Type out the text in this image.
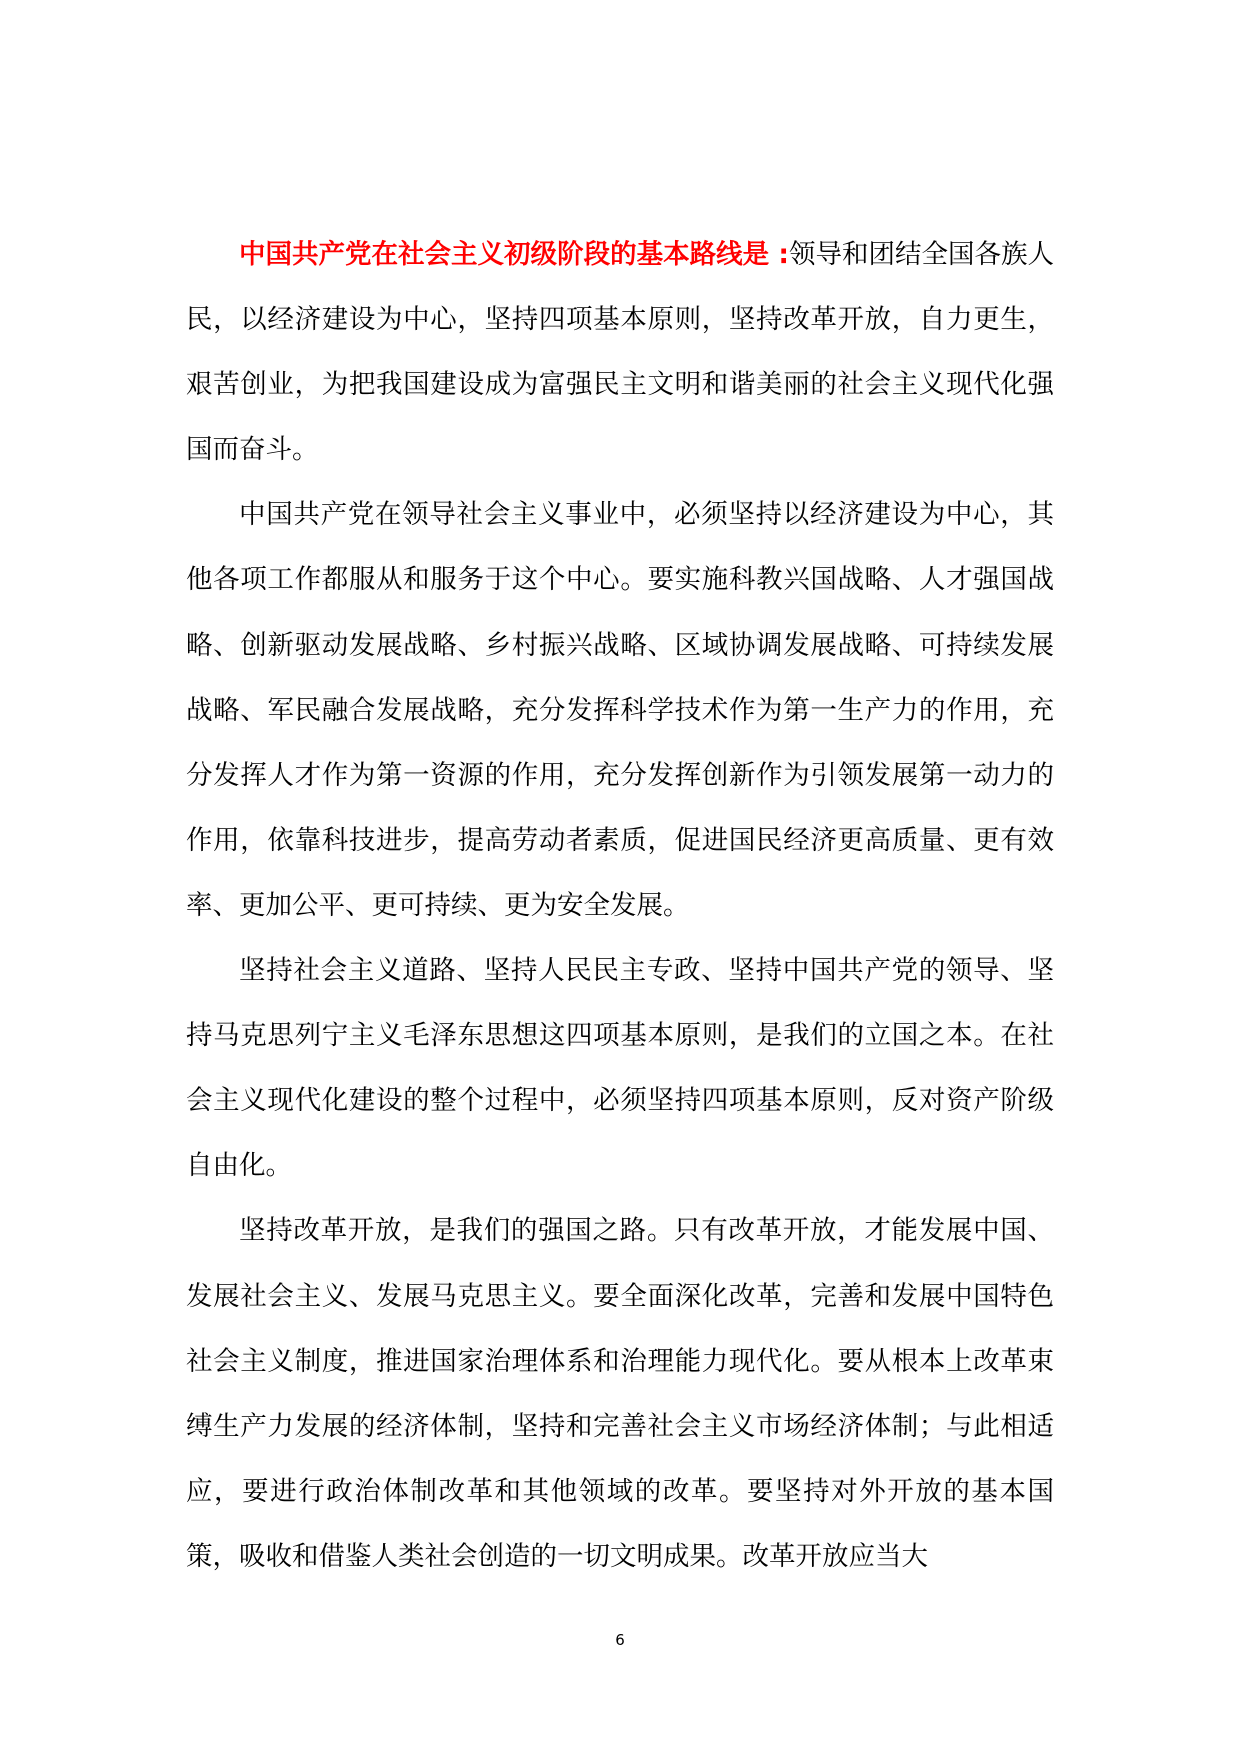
中国共产党在社会主义初级阶段的基本路线是 :领导和团结全国各族人民，以经济建设为中心，坚持四项基本原则，坚持改革开放，自力更生，艰苦创业，为把我国建设成为富强民主文明和谐美丽的社会主义现代化强国而奋斗。

中国共产党在领导社会主义事业中，必须坚持以经济建设为中心，其他各项工作都服从和服务于这个中心。要实施科教兴国战略、人才强国战略、创新驱动发展战略、乡村振兴战略、区域协调发展战略、可持续发展战略、军民融合发展战略，充分发挥科学技术作为第一生产力的作用，充分发挥人才作为第一资源的作用，充分发挥创新作为引领发展第一动力的作用，依靠科技进步，提高劳动者素质，促进国民经济更高质量、更有效率、更加公平、更可持续、更为安全发展。

坚持社会主义道路、坚持人民民主专政、坚持中国共产党的领导、坚持马克思列宁主义毛泽东思想这四项基本原则，是我们的立国之本。在社会主义现代化建设的整个过程中，必须坚持四项基本原则，反对资产阶级自由化。

坚持改革开放，是我们的强国之路。只有改革开放，才能发展中国、发展社会主义、发展马克思主义。要全面深化改革，完善和发展中国特色社会主义制度，推进国家治理体系和治理能力现代化。要从根本上改革束缚生产力发展的经济体制，坚持和完善社会主义市场经济体制；与此相适应，要进行政治体制改革和其他领域的改革。要坚持对外开放的基本国策，吸收和借鉴人类社会创造的一切文明成果。改革开放应当大

6
